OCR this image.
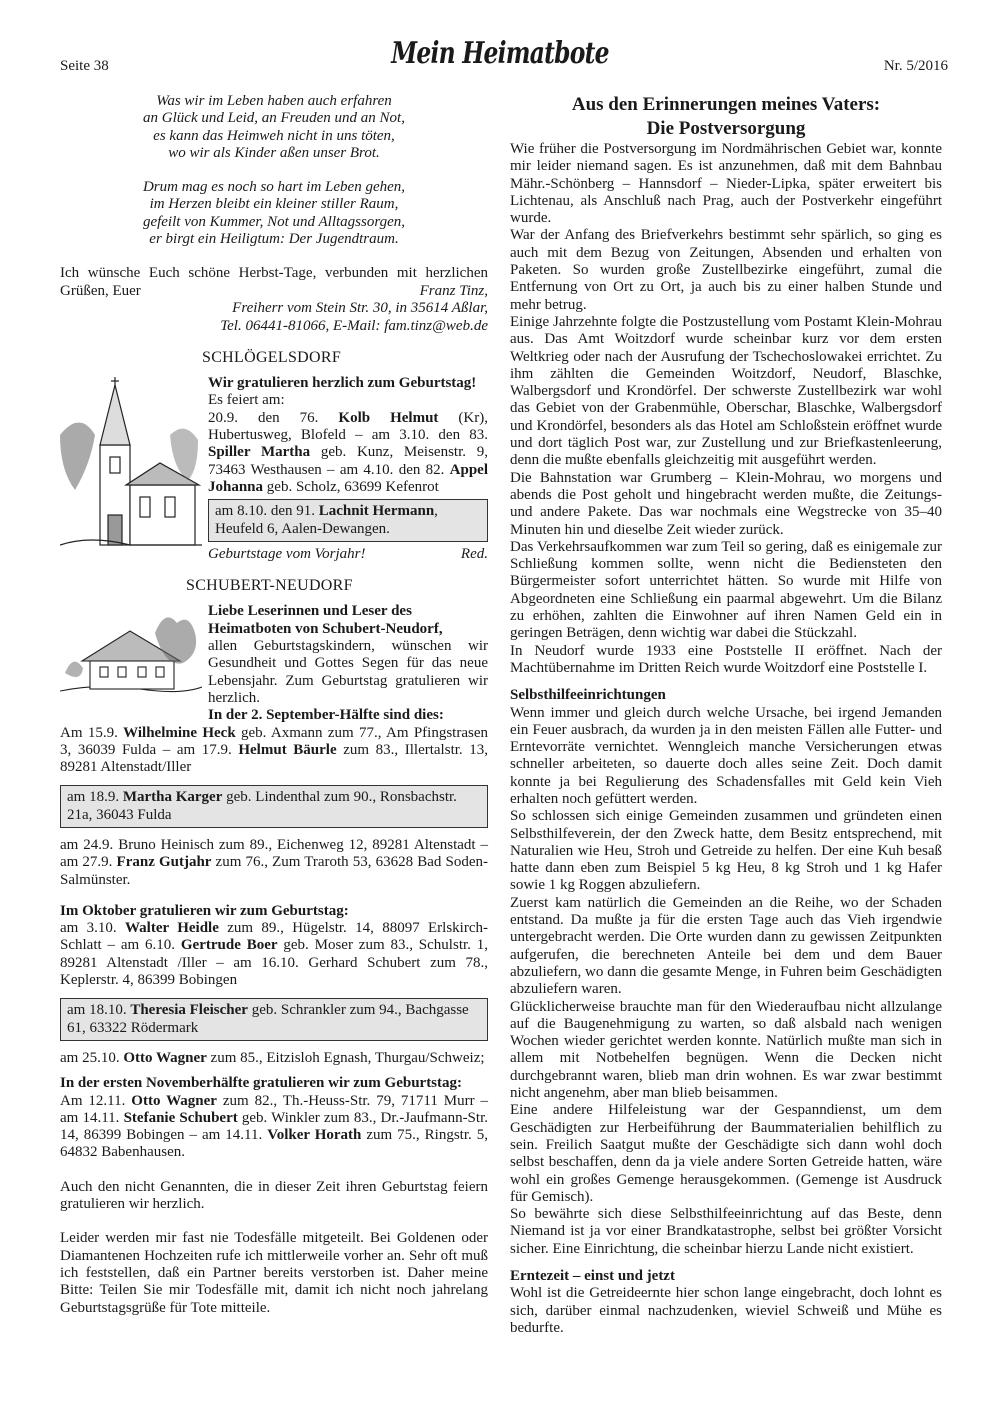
Seite 38	Mein Heimatbote	Nr. 5/2016

Was wir im Leben haben auch erfahren

an Glück und Leid, an Freuden und an Not,

es kann das Heimweh nicht in uns töten,

wo wir als Kinder aßen unser Brot.

Drum mag es noch so hart im Leben gehen,

im Herzen bleibt ein kleiner stiller Raum,

gefeilt von Kummer, Not und Alltagssorgen,

er birgt ein Heiligtum: Der Jugendtraum.

Ich wünsche Euch schöne Herbst-Tage, verbunden mit herzlichen Grüßen, Euer	Franz Tinz,
Freiherr vom Stein Str. 30, in 35614 Aßlar,
Tel. 06441-81066, E-Mail: fam.tinz@web.de

SCHLÖGELSDORF

Wir gratulieren herzlich zum Geburtstag!

Es feiert am:

20.9. den 76. Kolb Helmut (Kr), Hubertusweg, Blofeld – am 3.10. den 83. Spiller Martha geb. Kunz, Meisenstr. 9, 73463 Westhausen – am 4.10. den 82. Appel Johanna geb. Scholz, 63699 Kefenrot

am 8.10. den 91. Lachnit Hermann, Heufeld 6, Aalen-Dewangen.
Geburtstage vom Vorjahr!	Red.

SCHUBERT-NEUDORF

Liebe Leserinnen und Leser des Heimatboten von Schubert-Neudorf,

allen Geburtstagskindern, wünschen wir Gesundheit und Gottes Segen für das neue Lebensjahr. Zum Geburtstag gratulieren wir herzlich.

In der 2. September-Hälfte sind dies:

Am 15.9. Wilhelmine Heck geb. Axmann zum 77., Am Pfingstrasen 3, 36039 Fulda – am 17.9. Helmut Bäurle zum 83., Illertalstr. 13, 89281 Altenstadt/Iller

am 18.9. Martha Karger geb. Lindenthal zum 90., Ronsbachstr. 21a, 36043 Fulda

am 24.9. Bruno Heinisch zum 89., Eichenweg 12, 89281 Altenstadt – am 27.9. Franz Gutjahr zum 76., Zum Traroth 53, 63628 Bad Soden-Salmünster.

Im Oktober gratulieren wir zum Geburtstag:

am 3.10. Walter Heidle zum 89., Hügelstr. 14, 88097 Erlskirch-Schlatt – am 6.10. Gertrude Boer geb. Moser zum 83., Schulstr. 1, 89281 Altenstadt /Iller – am 16.10. Gerhard Schubert zum 78., Keplerstr. 4, 86399 Bobingen

am 18.10. Theresia Fleischer geb. Schrankler zum 94., Bachgasse 61, 63322 Rödermark

am 25.10. Otto Wagner zum 85., Eitzisloh Egnash, Thurgau/Schweiz;

In der ersten Novemberhälfte gratulieren wir zum Geburtstag:

Am 12.11. Otto Wagner zum 82., Th.-Heuss-Str. 79, 71711 Murr – am 14.11. Stefanie Schubert geb. Winkler zum 83., Dr.-Jaufmann-Str. 14, 86399 Bobingen – am 14.11. Volker Horath zum 75., Ringstr. 5, 64832 Babenhausen.

Auch den nicht Genannten, die in dieser Zeit ihren Geburtstag feiern gratulieren wir herzlich.

Leider werden mir fast nie Todesfälle mitgeteilt. Bei Goldenen oder Diamantenen Hochzeiten rufe ich mittlerweile vorher an. Sehr oft muß ich feststellen, daß ein Partner bereits verstorben ist. Daher meine Bitte: Teilen Sie mir Todesfälle mit, damit ich nicht noch jahrelang Geburtstagsgrüße für Tote mitteile.

Aus den Erinnerungen meines Vaters:

Die Postversorgung

Wie früher die Postversorgung im Nordmährischen Gebiet war, konnte mir leider niemand sagen. Es ist anzunehmen, daß mit dem Bahnbau Mähr.-Schönberg – Hannsdorf – Nieder-Lipka, später erweitert bis Lichtenau, als Anschluß nach Prag, auch der Postverkehr eingeführt wurde.

War der Anfang des Briefverkehrs bestimmt sehr spärlich, so ging es auch mit dem Bezug von Zeitungen, Absenden und erhalten von Paketen. So wurden große Zustellbezirke eingeführt, zumal die Entfernung von Ort zu Ort, ja auch bis zu einer halben Stunde und mehr betrug.

Einige Jahrzehnte folgte die Postzustellung vom Postamt Klein-Mohrau aus. Das Amt Woitzdorf wurde scheinbar kurz vor dem ersten Weltkrieg oder nach der Ausrufung der Tschechoslowakei errichtet. Zu ihm zählten die Gemeinden Woitzdorf, Neudorf, Blaschke, Walbergsdorf und Krondörfel. Der schwerste Zustellbezirk war wohl das Gebiet von der Grabenmühle, Oberschar, Blaschke, Walbergsdorf und Krondörfel, besonders als das Hotel am Schloßstein eröffnet wurde und dort täglich Post war, zur Zustellung und zur Briefkastenleerung, denn die mußte ebenfalls gleichzeitig mit ausgeführt werden.

Die Bahnstation war Grumberg – Klein-Mohrau, wo morgens und abends die Post geholt und hingebracht werden mußte, die Zeitungs- und andere Pakete. Das war nochmals eine Wegstrecke von 35–40 Minuten hin und dieselbe Zeit wieder zurück.

Das Verkehrsaufkommen war zum Teil so gering, daß es einigemale zur Schließung kommen sollte, wenn nicht die Bediensteten den Bürgermeister sofort unterrichtet hätten. So wurde mit Hilfe von Abgeordneten eine Schließung ein paarmal abgewehrt. Um die Bilanz zu erhöhen, zahlten die Einwohner auf ihren Namen Geld ein in geringen Beträgen, denn wichtig war dabei die Stückzahl.

In Neudorf wurde 1933 eine Poststelle II eröffnet. Nach der Machtübernahme im Dritten Reich wurde Woitzdorf eine Poststelle I.

Selbsthilfeeinrichtungen

Wenn immer und gleich durch welche Ursache, bei irgend Jemanden ein Feuer ausbrach, da wurden ja in den meisten Fällen alle Futter- und Erntevorräte vernichtet. Wenngleich manche Versicherungen etwas schneller arbeiteten, so dauerte doch alles seine Zeit. Doch damit konnte ja bei Regulierung des Schadensfalles mit Geld kein Vieh erhalten noch gefüttert werden.

So schlossen sich einige Gemeinden zusammen und gründeten einen Selbsthilfeverein, der den Zweck hatte, dem Besitz entsprechend, mit Naturalien wie Heu, Stroh und Getreide zu helfen. Der eine Kuh besaß hatte dann eben zum Beispiel 5 kg Heu, 8 kg Stroh und 1 kg Hafer sowie 1 kg Roggen abzuliefern.

Zuerst kam natürlich die Gemeinden an die Reihe, wo der Schaden entstand. Da mußte ja für die ersten Tage auch das Vieh irgendwie untergebracht werden. Die Orte wurden dann zu gewissen Zeitpunkten aufgerufen, die berechneten Anteile bei dem und dem Bauer abzuliefern, wo dann die gesamte Menge, in Fuhren beim Geschädigten abzuliefern waren.

Glücklicherweise brauchte man für den Wiederaufbau nicht allzulange auf die Baugenehmigung zu warten, so daß alsbald nach wenigen Wochen wieder gerichtet werden konnte. Natürlich mußte man sich in allem mit Notbehelfen begnügen. Wenn die Decken nicht durchgebrannt waren, blieb man drin wohnen. Es war zwar bestimmt nicht angenehm, aber man blieb beisammen.

Eine andere Hilfeleistung war der Gespanndienst, um dem Geschädigten zur Herbeiführung der Baummaterialien behilflich zu sein. Freilich Saatgut mußte der Geschädigte sich dann wohl doch selbst beschaffen, denn da ja viele andere Sorten Getreide hatten, wäre wohl ein großes Gemenge herausgekommen. (Gemenge ist Ausdruck für Gemisch).

So bewährte sich diese Selbsthilfeeinrichtung auf das Beste, denn Niemand ist ja vor einer Brandkatastrophe, selbst bei größter Vorsicht sicher. Eine Einrichtung, die scheinbar hierzu Lande nicht existiert.

Erntezeit – einst und jetzt

Wohl ist die Getreideernte hier schon lange eingebracht, doch lohnt es sich, darüber einmal nachzudenken, wieviel Schweiß und Mühe es bedurfte.
